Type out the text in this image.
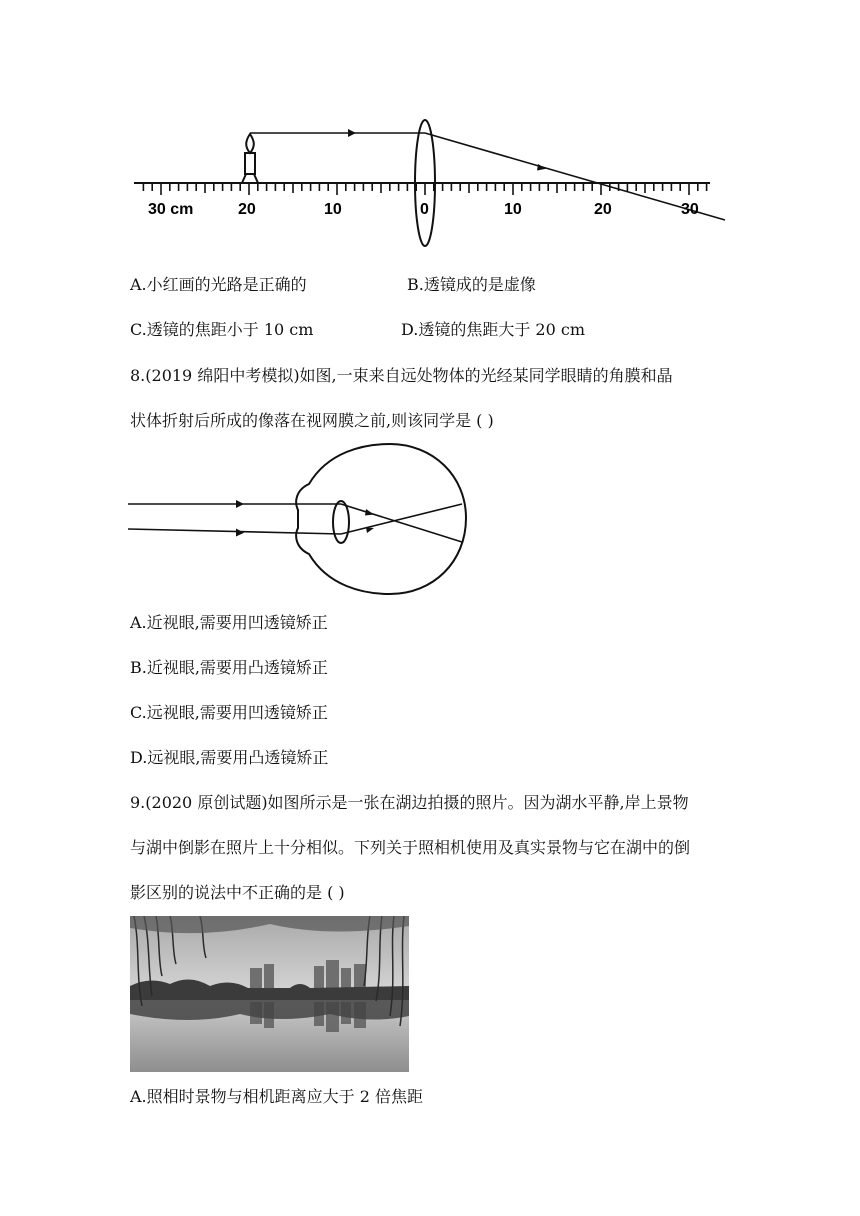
30 cm	20	10	0	10	20	30
A.小红画的光路是正确的	B.透镜成的是虚像
C.透镜的焦距小于 10 cm	D.透镜的焦距大于 20 cm
8.(2019 绵阳中考模拟)如图,一束来自远处物体的光经某同学眼睛的角膜和晶
状体折射后所成的像落在视网膜之前,则该同学是 ( )
A.近视眼,需要用凹透镜矫正
B.近视眼,需要用凸透镜矫正
C.远视眼,需要用凹透镜矫正
D.远视眼,需要用凸透镜矫正
9.(2020 原创试题)如图所示是一张在湖边拍摄的照片。因为湖水平静,岸上景物
与湖中倒影在照片上十分相似。下列关于照相机使用及真实景物与它在湖中的倒
影区别的说法中不正确的是 ( )
A.照相时景物与相机距离应大于 2 倍焦距
